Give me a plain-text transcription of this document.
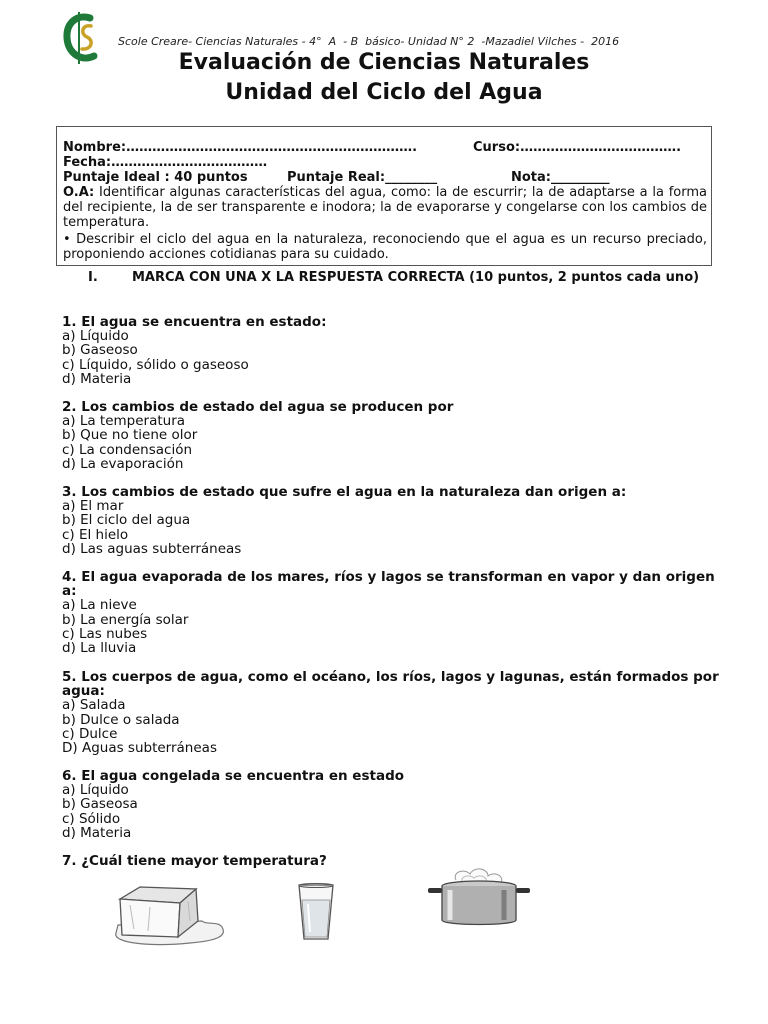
Scole Creare- Ciencias Naturales - 4°  A  - B  básico- Unidad N° 2  -Mazadiel Vilches -  2016
Evaluación de Ciencias Naturales
Unidad del Ciclo del Agua
Nombre:………………………………………………………….	Curso:……………………………….
Fecha:………………………………
Puntaje Ideal : 40 puntos	Puntaje Real:________	Nota:_________
O.A: Identificar algunas características del agua, como: la de escurrir; la de adaptarse a la forma del recipiente, la de ser transparente e inodora; la de evaporarse y congelarse con los cambios de temperatura.
• Describir el ciclo del agua en la naturaleza, reconociendo que el agua es un recurso preciado, proponiendo acciones cotidianas para su cuidado.
I.	MARCA CON UNA X LA RESPUESTA CORRECTA (10 puntos, 2 puntos cada uno)
1. El agua se encuentra en estado:
a) Líquido
b) Gaseoso
c) Líquido, sólido o gaseoso
d) Materia
2. Los cambios de estado del agua se producen por
a) La temperatura
b) Que no tiene olor
c) La condensación
d) La evaporación
3. Los cambios de estado que sufre el agua en la naturaleza dan origen a:
a) El mar
b) El ciclo del agua
c) El hielo
d) Las aguas subterráneas
4. El agua evaporada de los mares, ríos y lagos se transforman en vapor y dan origen a:
a) La nieve
b) La energía solar
c) Las nubes
d) La lluvia
5. Los cuerpos de agua, como el océano, los ríos, lagos y lagunas, están formados por agua:
a) Salada
b) Dulce o salada
c) Dulce
D) Aguas subterráneas
6. El agua congelada se encuentra en estado
a) Líquido
b) Gaseosa
c) Sólido
d) Materia
7. ¿Cuál tiene mayor temperatura?
